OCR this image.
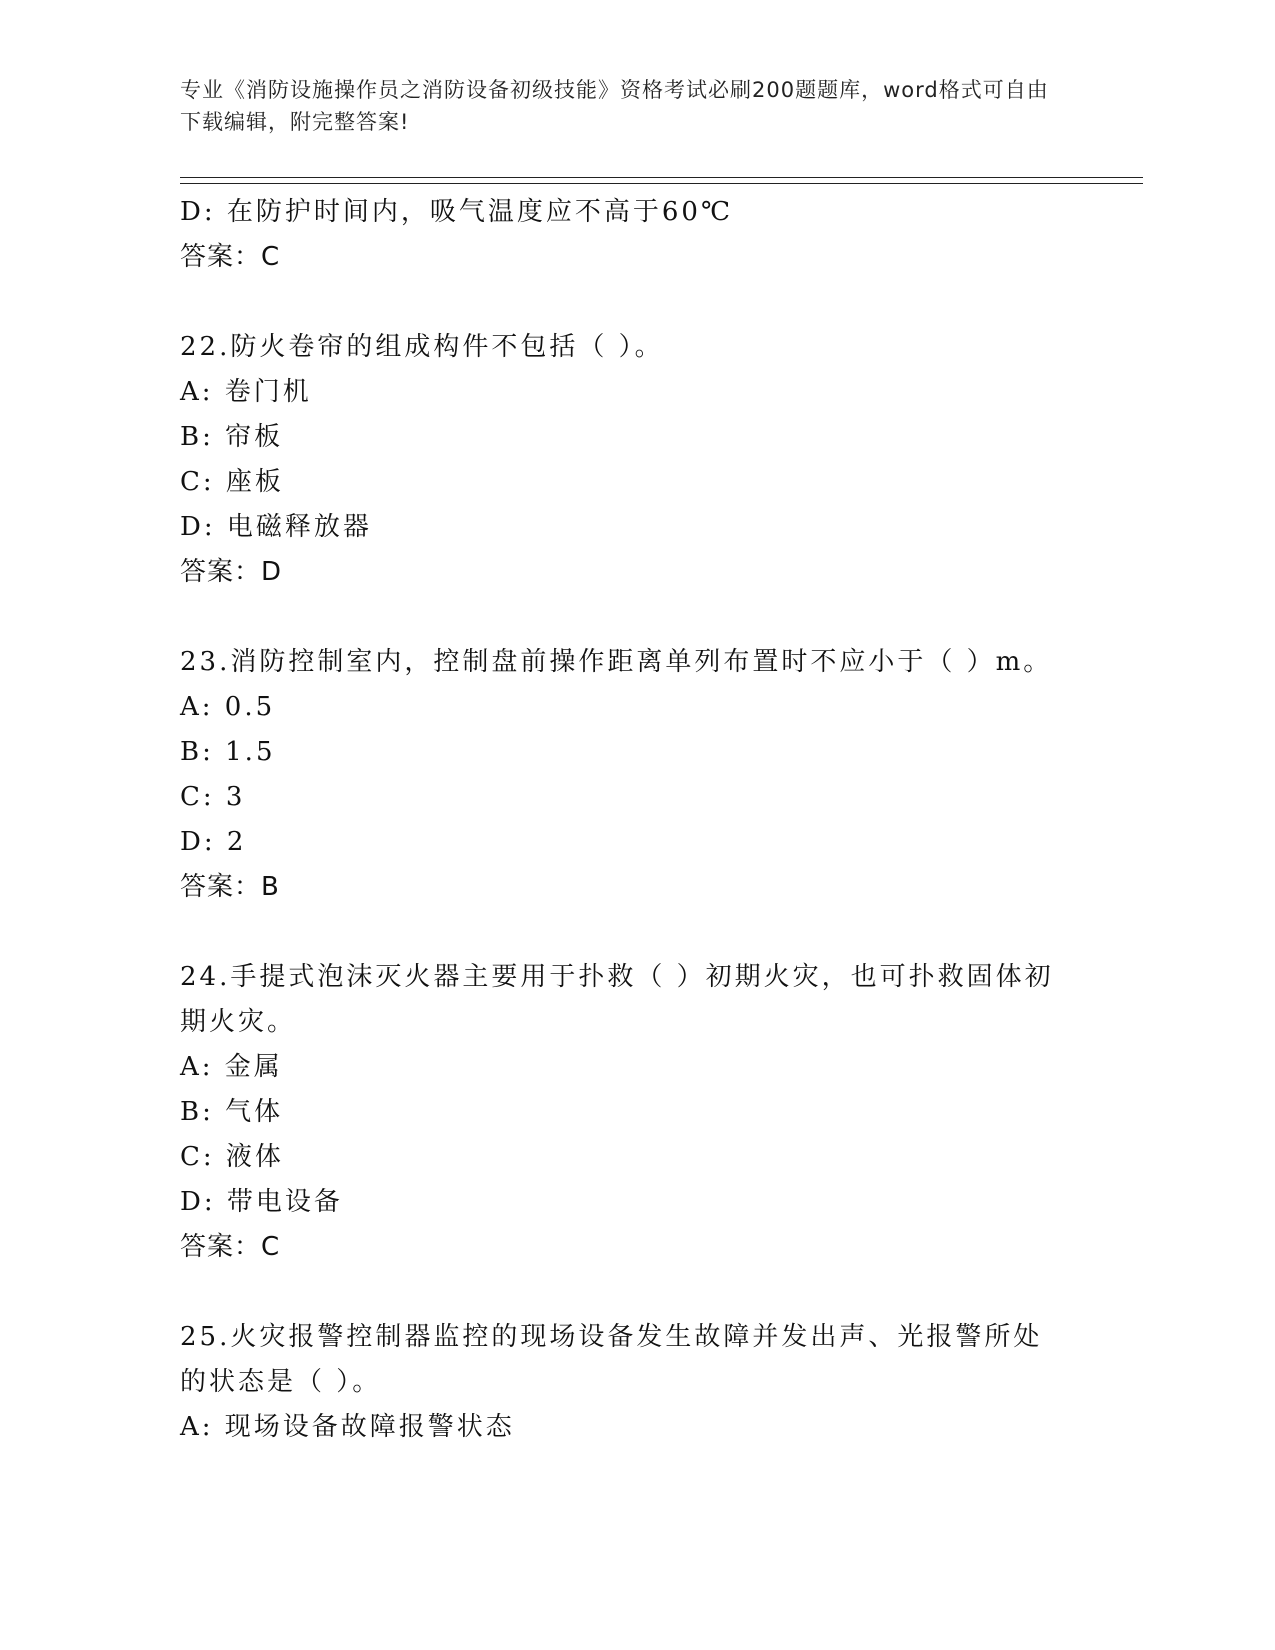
专业《消防设施操作员之消防设备初级技能》资格考试必刷200题题库，word格式可自由下载编辑，附完整答案!
D: 在防护时间内，吸气温度应不高于60℃
答案：C
22.防火卷帘的组成构件不包括（ ）。
A: 卷门机
B: 帘板
C: 座板
D: 电磁释放器
答案：D
23.消防控制室内，控制盘前操作距离单列布置时不应小于（ ）m。
A: 0.5
B: 1.5
C: 3
D: 2
答案：B
24.手提式泡沫灭火器主要用于扑救（ ）初期火灾，也可扑救固体初期火灾。
A: 金属
B: 气体
C: 液体
D: 带电设备
答案：C
25.火灾报警控制器监控的现场设备发生故障并发出声、光报警所处的状态是（ ）。
A: 现场设备故障报警状态
